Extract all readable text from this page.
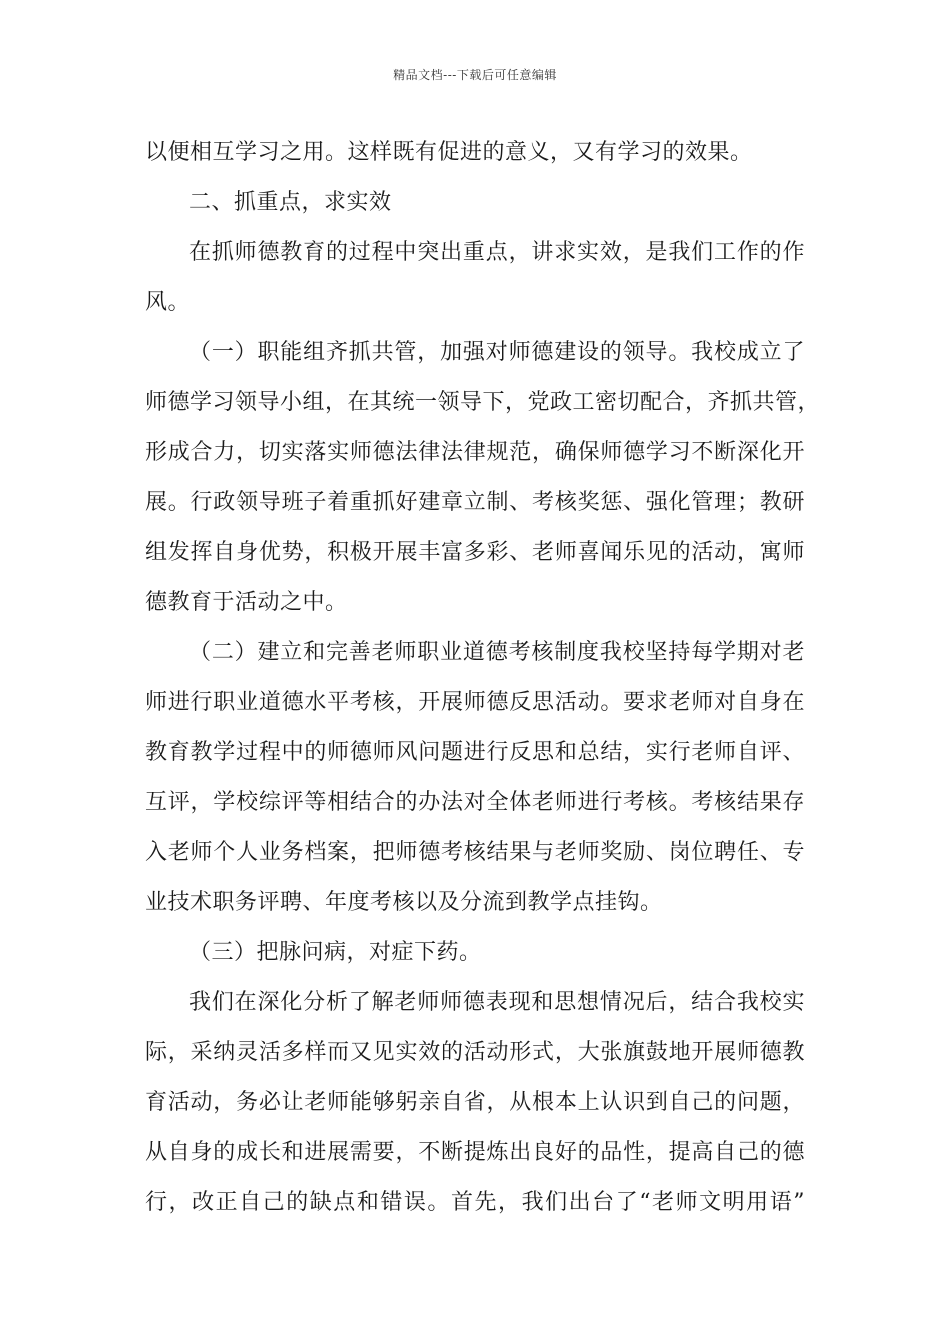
精品文档---下载后可任意编辑
以便相互学习之用。这样既有促进的意义，又有学习的效果。
二、抓重点，求实效
在抓师德教育的过程中突出重点，讲求实效，是我们工作的作
风。
（一）职能组齐抓共管，加强对师德建设的领导。我校成立了
师德学习领导小组，在其统一领导下，党政工密切配合，齐抓共管，
形成合力，切实落实师德法律法律规范，确保师德学习不断深化开
展。行政领导班子着重抓好建章立制、考核奖惩、强化管理；教研
组发挥自身优势，积极开展丰富多彩、老师喜闻乐见的活动，寓师
德教育于活动之中。
（二）建立和完善老师职业道德考核制度我校坚持每学期对老
师进行职业道德水平考核，开展师德反思活动。要求老师对自身在
教育教学过程中的师德师风问题进行反思和总结，实行老师自评、
互评，学校综评等相结合的办法对全体老师进行考核。考核结果存
入老师个人业务档案，把师德考核结果与老师奖励、岗位聘任、专
业技术职务评聘、年度考核以及分流到教学点挂钩。
（三）把脉问病，对症下药。
我们在深化分析了解老师师德表现和思想情况后，结合我校实
际，采纳灵活多样而又见实效的活动形式，大张旗鼓地开展师德教
育活动，务必让老师能够躬亲自省，从根本上认识到自己的问题，
从自身的成长和进展需要，不断提炼出良好的品性，提高自己的德
行，改正自己的缺点和错误。首先，我们出台了“老师文明用语”
